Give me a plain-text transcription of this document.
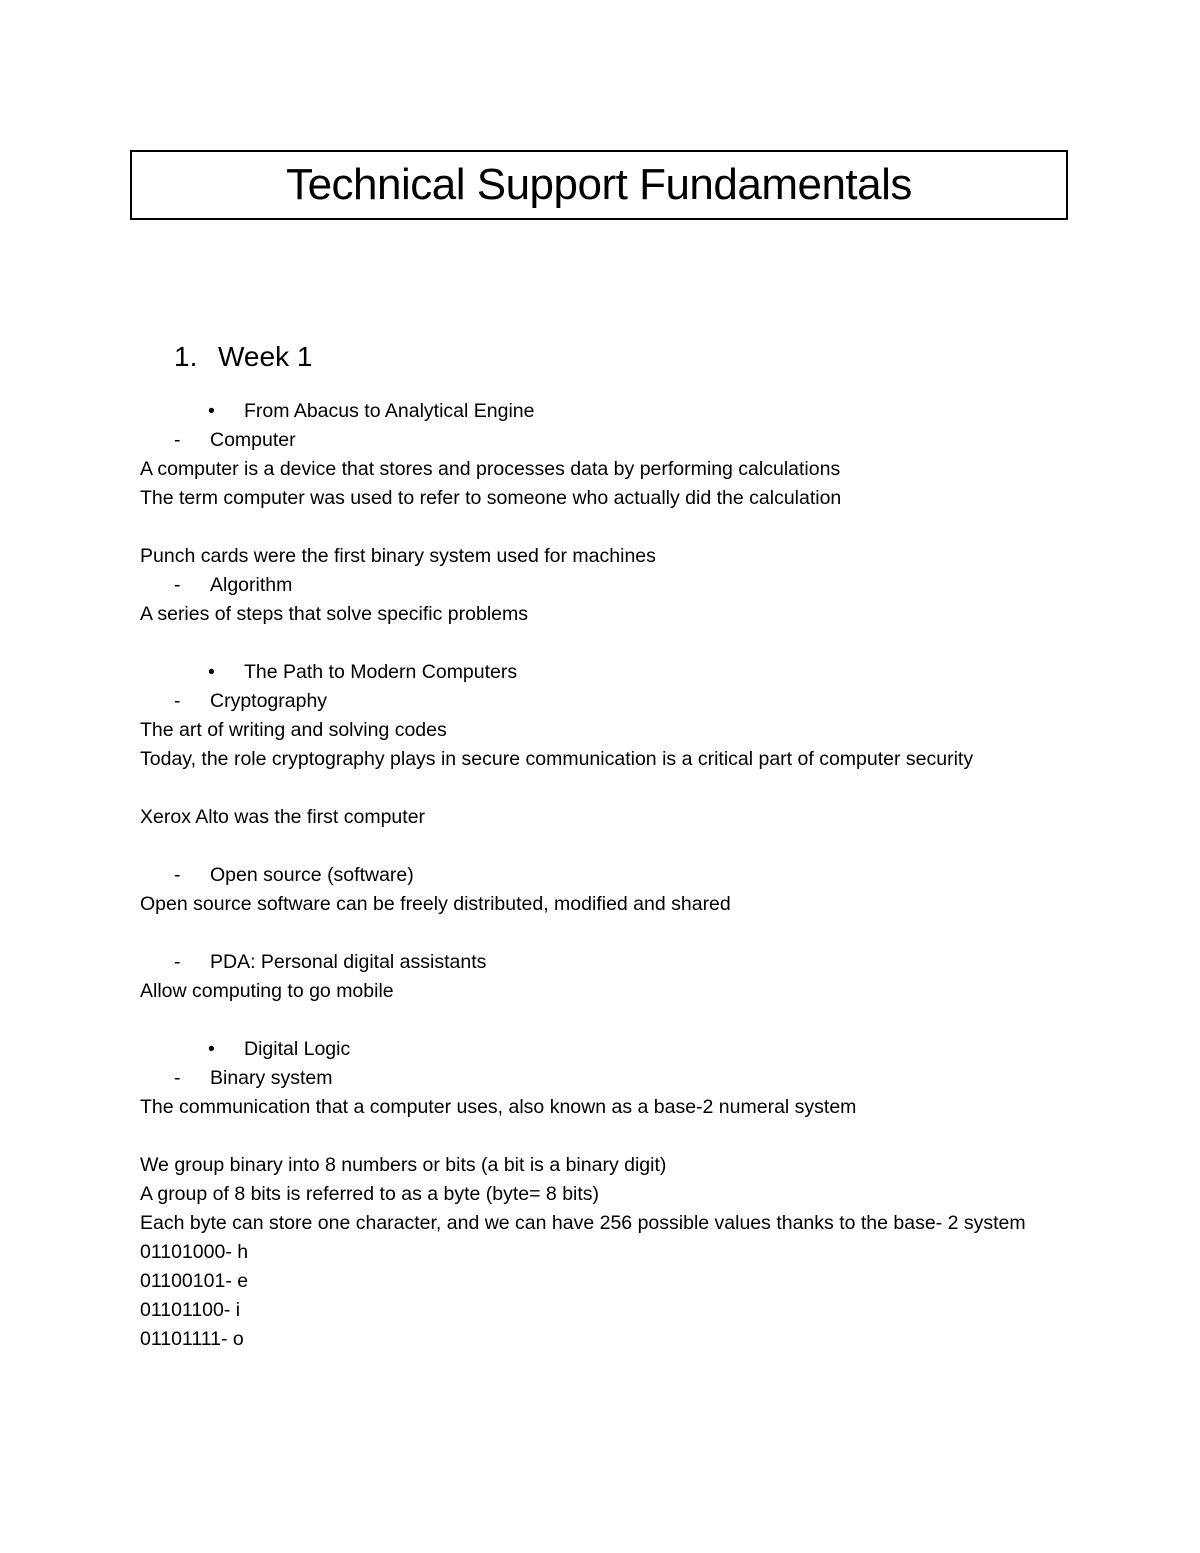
Technical Support Fundamentals
1. Week 1
• From Abacus to Analytical Engine
- Computer
A computer is a device that stores and processes data by performing calculations
The term computer was used to refer to someone who actually did the calculation
Punch cards were the first binary system used for machines
- Algorithm
A series of steps that solve specific problems
• The Path to Modern Computers
- Cryptography
The art of writing and solving codes
Today, the role cryptography plays in secure communication is a critical part of computer security
Xerox Alto was the first computer
- Open source (software)
Open source software can be freely distributed, modified and shared
- PDA: Personal digital assistants
Allow computing to go mobile
• Digital Logic
- Binary system
The communication that a computer uses, also known as a base-2 numeral system
We group binary into 8 numbers or bits (a bit is a binary digit)
A group of 8 bits is referred to as a byte (byte= 8 bits)
Each byte can store one character, and we can have 256 possible values thanks to the base- 2 system
01101000- h
01100101- e
01101100- i
01101111- o
